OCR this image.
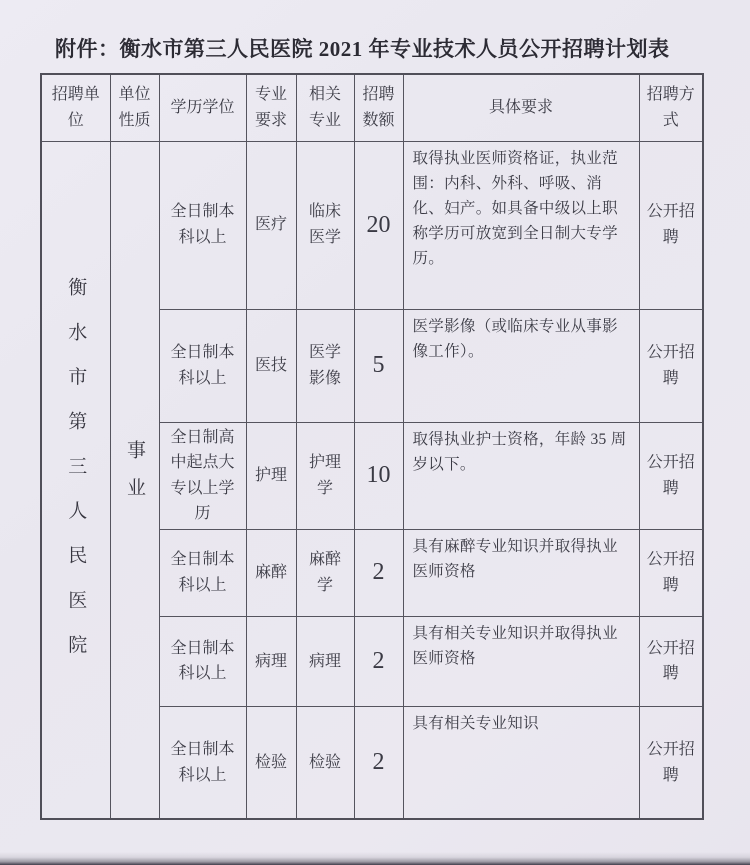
附件：衡水市第三人民医院 2021 年专业技术人员公开招聘计划表
招聘单位	单位性质	学历学位	专业要求	相关专业	招聘数额	具体要求	招聘方式
衡水市第三人民医院	事业	全日制本科以上	医疗	临床医学	20	取得执业医师资格证，执业范围：内科、外科、呼吸、消化、妇产。如具备中级以上职称学历可放宽到全日制大专学历。	公开招聘
		全日制本科以上	医技	医学影像	5	医学影像（或临床专业从事影像工作）。	公开招聘
		全日制高中起点大专以上学历	护理	护理学	10	取得执业护士资格，年龄 35 周岁以下。	公开招聘
		全日制本科以上	麻醉	麻醉学	2	具有麻醉专业知识并取得执业医师资格	公开招聘
		全日制本科以上	病理	病理	2	具有相关专业知识并取得执业医师资格	公开招聘
		全日制本科以上	检验	检验	2	具有相关专业知识	公开招聘
